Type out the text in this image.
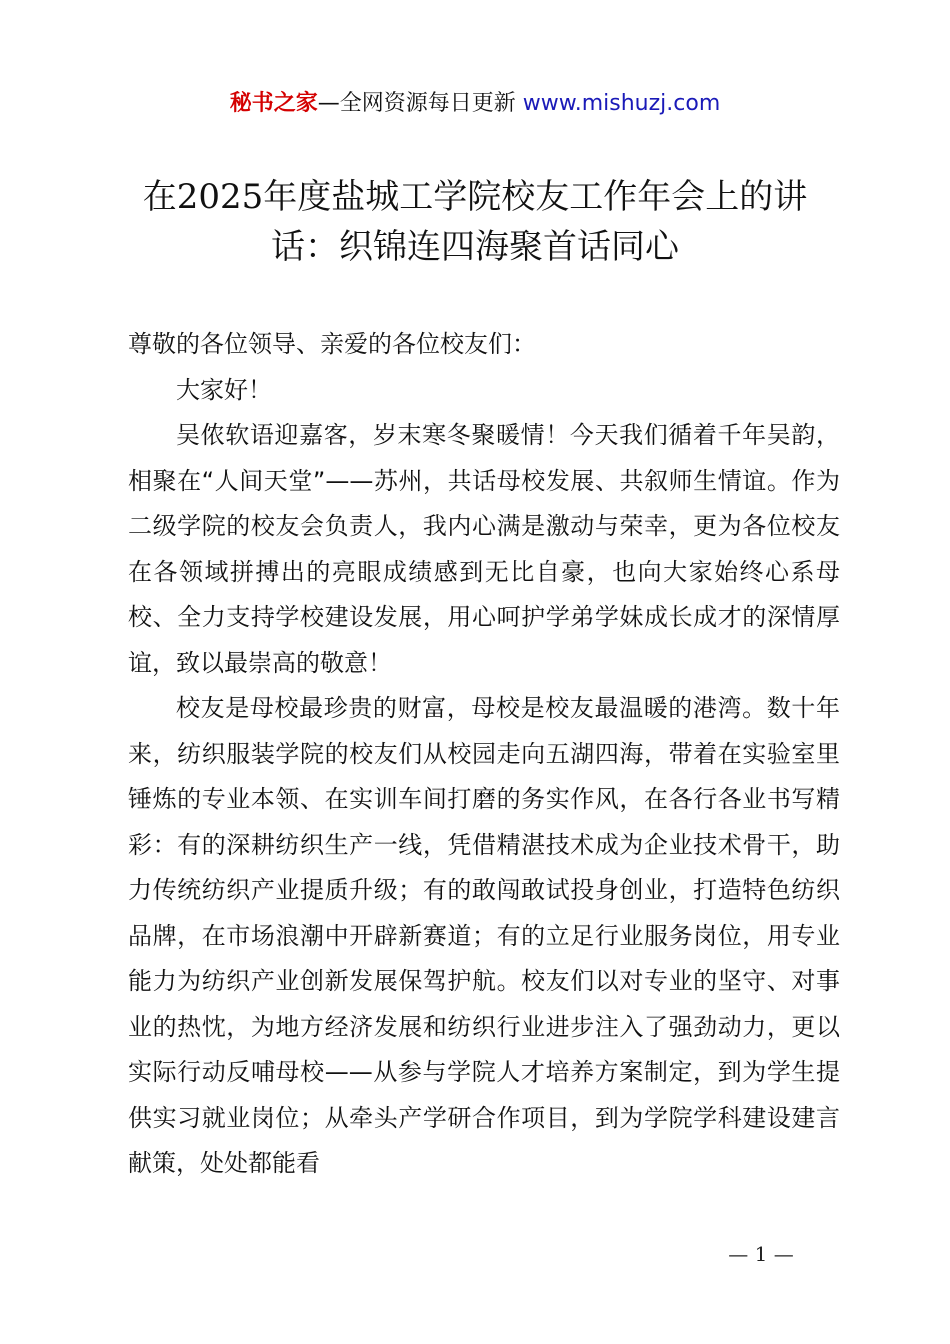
秘书之家—全网资源每日更新 www.mishuzj.com
在2025年度盐城工学院校友工作年会上的讲话：织锦连四海聚首话同心

尊敬的各位领导、亲爱的各位校友们：

大家好！

吴侬软语迎嘉客，岁末寒冬聚暖情！今天我们循着千年吴韵，相聚在“人间天堂”——苏州，共话母校发展、共叙师生情谊。作为二级学院的校友会负责人，我内心满是激动与荣幸，更为各位校友在各领域拼搏出的亮眼成绩感到无比自豪，也向大家始终心系母校、全力支持学校建设发展，用心呵护学弟学妹成长成才的深情厚谊，致以最崇高的敬意！

校友是母校最珍贵的财富，母校是校友最温暖的港湾。数十年来，纺织服装学院的校友们从校园走向五湖四海，带着在实验室里锤炼的专业本领、在实训车间打磨的务实作风，在各行各业书写精彩：有的深耕纺织生产一线，凭借精湛技术成为企业技术骨干，助力传统纺织产业提质升级；有的敢闯敢试投身创业，打造特色纺织品牌，在市场浪潮中开辟新赛道；有的立足行业服务岗位，用专业能力为纺织产业创新发展保驾护航。校友们以对专业的坚守、对事业的热忱，为地方经济发展和纺织行业进步注入了强劲动力，更以实际行动反哺母校——从参与学院人才培养方案制定，到为学生提供实习就业岗位；从牵头产学研合作项目，到为学院学科建设建言献策，处处都能看

— 1 —
